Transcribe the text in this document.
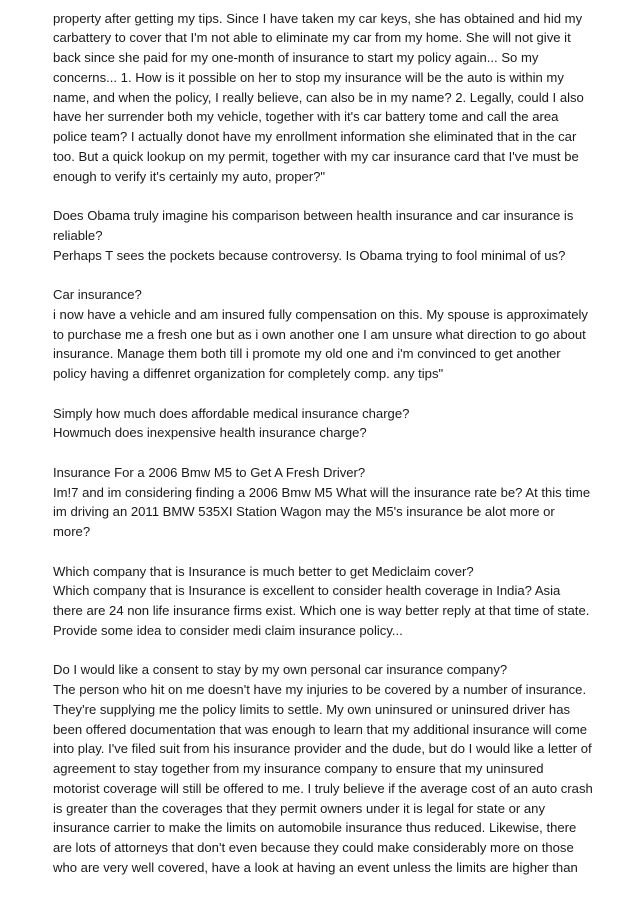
property after getting my tips. Since I have taken my car keys, she has obtained and hid my
carbattery to cover that I'm not able to eliminate my car from my home. She will not give it
back since she paid for my one-month of insurance to start my policy again... So my
concerns... 1. How is it possible on her to stop my insurance will be the auto is within my
name, and when the policy, I really believe, can also be in my name? 2. Legally, could I also
have her surrender both my vehicle, together with it's car battery tome and call the area
police team? I actually donot have my enrollment information she eliminated that in the car
too. But a quick lookup on my permit, together with my car insurance card that I've must be
enough to verify it's certainly my auto, proper?"
Does Obama truly imagine his comparison between health insurance and car insurance is
reliable?
Perhaps T sees the pockets because controversy. Is Obama trying to fool minimal of us?
Car insurance?
i now have a vehicle and am insured fully compensation on this. My spouse is approximately
to purchase me a fresh one but as i own another one I am unsure what direction to go about
insurance. Manage them both till i promote my old one and i'm convinced to get another
policy having a diffenret organization for completely comp. any tips"
Simply how much does affordable medical insurance charge?
Howmuch does inexpensive health insurance charge?
Insurance For a 2006 Bmw M5 to Get A Fresh Driver?
Im!7 and im considering finding a 2006 Bmw M5 What will the insurance rate be? At this time
im driving an 2011 BMW 535XI Station Wagon may the M5's insurance be alot more or
more?
Which company that is Insurance is much better to get Mediclaim cover?
Which company that is Insurance is excellent to consider health coverage in India? Asia
there are 24 non life insurance firms exist. Which one is way better reply at that time of state.
Provide some idea to consider medi claim insurance policy...
Do I would like a consent to stay by my own personal car insurance company?
The person who hit on me doesn't have my injuries to be covered by a number of insurance.
They're supplying me the policy limits to settle. My own uninsured or uninsured driver has
been offered documentation that was enough to learn that my additional insurance will come
into play. I've filed suit from his insurance provider and the dude, but do I would like a letter of
agreement to stay together from my insurance company to ensure that my uninsured
motorist coverage will still be offered to me. I truly believe if the average cost of an auto crash
is greater than the coverages that they permit owners under it is legal for state or any
insurance carrier to make the limits on automobile insurance thus reduced. Likewise, there
are lots of attorneys that don't even because they could make considerably more on those
who are very well covered, have a look at having an event unless the limits are higher than
